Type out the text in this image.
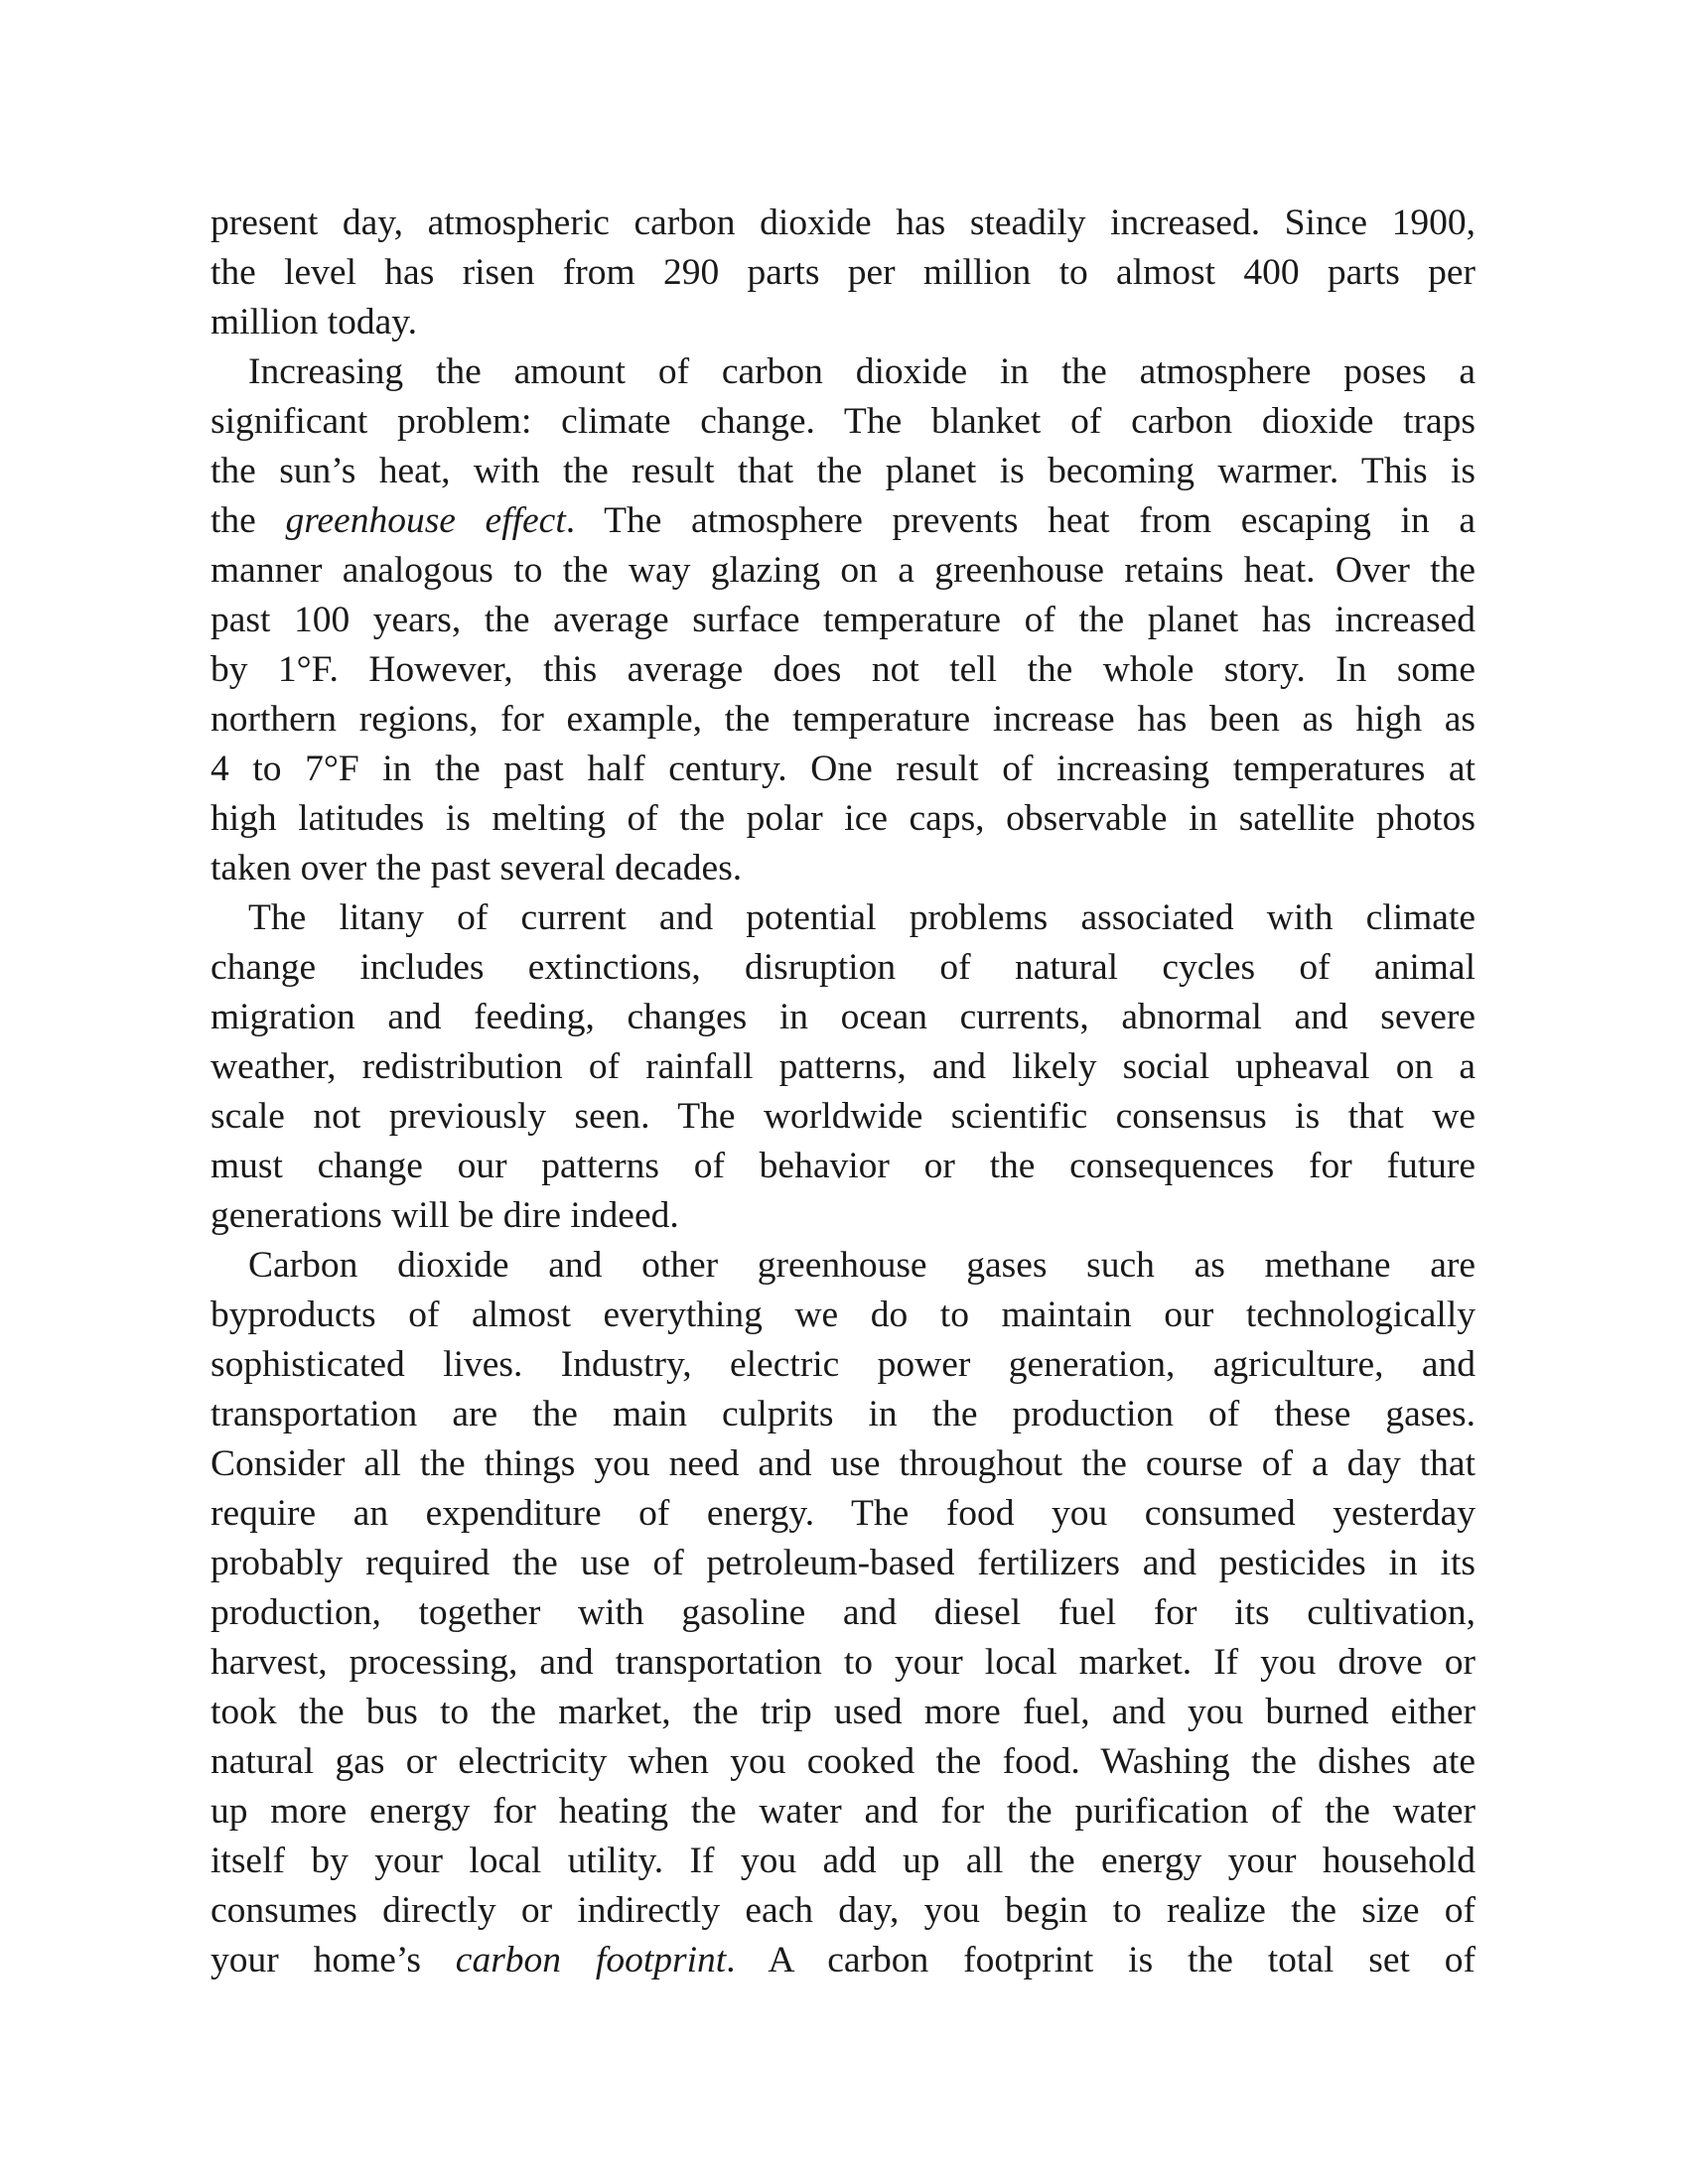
present day, atmospheric carbon dioxide has steadily increased. Since 1900,
the level has risen from 290 parts per million to almost 400 parts per
million today.
Increasing the amount of carbon dioxide in the atmosphere poses a
significant problem: climate change. The blanket of carbon dioxide traps
the sun’s heat, with the result that the planet is becoming warmer. This is
the greenhouse effect. The atmosphere prevents heat from escaping in a
manner analogous to the way glazing on a greenhouse retains heat. Over the
past 100 years, the average surface temperature of the planet has increased
by 1°F. However, this average does not tell the whole story. In some
northern regions, for example, the temperature increase has been as high as
4 to 7°F in the past half century. One result of increasing temperatures at
high latitudes is melting of the polar ice caps, observable in satellite photos
taken over the past several decades.
The litany of current and potential problems associated with climate
change includes extinctions, disruption of natural cycles of animal
migration and feeding, changes in ocean currents, abnormal and severe
weather, redistribution of rainfall patterns, and likely social upheaval on a
scale not previously seen. The worldwide scientific consensus is that we
must change our patterns of behavior or the consequences for future
generations will be dire indeed.
Carbon dioxide and other greenhouse gases such as methane are
byproducts of almost everything we do to maintain our technologically
sophisticated lives. Industry, electric power generation, agriculture, and
transportation are the main culprits in the production of these gases.
Consider all the things you need and use throughout the course of a day that
require an expenditure of energy. The food you consumed yesterday
probably required the use of petroleum-based fertilizers and pesticides in its
production, together with gasoline and diesel fuel for its cultivation,
harvest, processing, and transportation to your local market. If you drove or
took the bus to the market, the trip used more fuel, and you burned either
natural gas or electricity when you cooked the food. Washing the dishes ate
up more energy for heating the water and for the purification of the water
itself by your local utility. If you add up all the energy your household
consumes directly or indirectly each day, you begin to realize the size of
your home’s carbon footprint. A carbon footprint is the total set of
